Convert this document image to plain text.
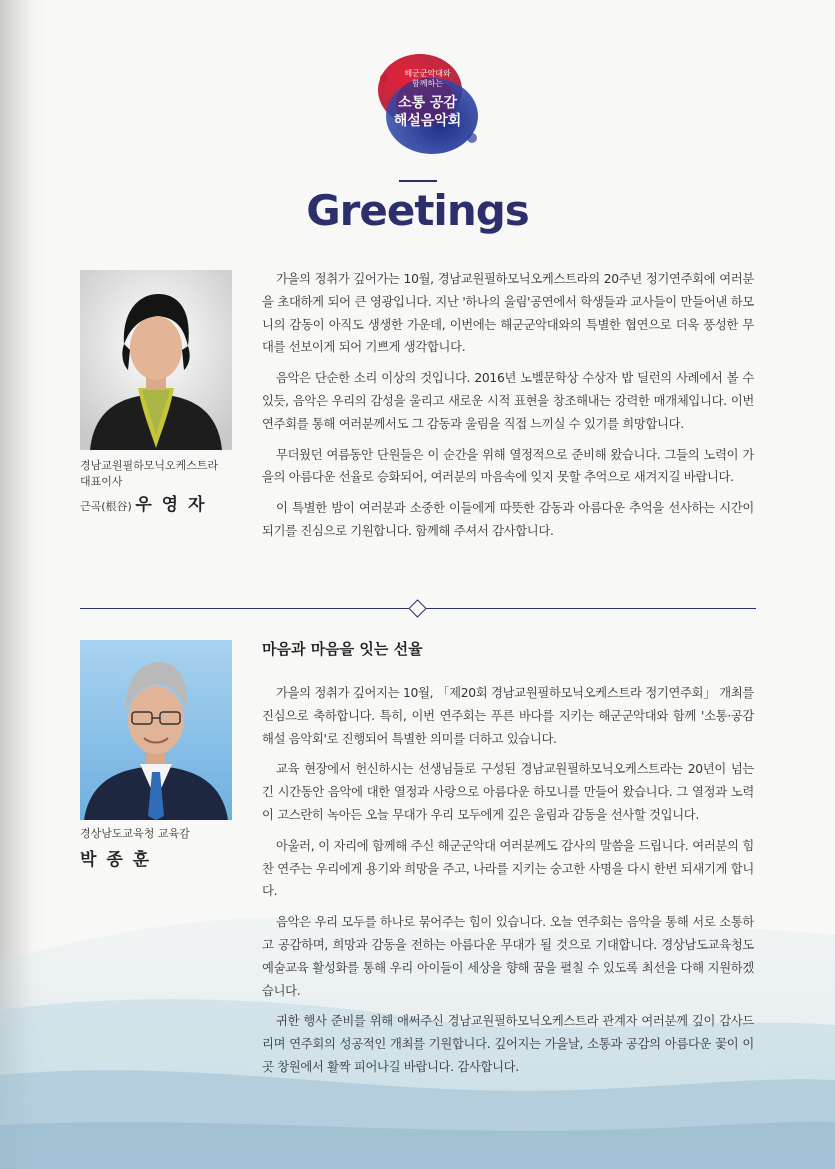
해군군악대와
함께하는
소통 공감
해설음악회
Greetings
경남교원필하모닉오케스트라
대표이사
근곡(根谷) 우 영 자

가을의 정취가 깊어가는 10월, 경남교원필하모닉오케스트라의 20주년 정기연주회에 여러분을 초대하게 되어 큰 영광입니다. 지난 '하나의 울림'공연에서 학생들과 교사들이 만들어낸 하모니의 감동이 아직도 생생한 가운데, 이번에는 해군군악대와의 특별한 협연으로 더욱 풍성한 무대를 선보이게 되어 기쁘게 생각합니다.

음악은 단순한 소리 이상의 것입니다. 2016년 노벨문학상 수상자 밥 딜런의 사례에서 볼 수 있듯, 음악은 우리의 감성을 울리고 새로운 시적 표현을 창조해내는 강력한 매개체입니다. 이번 연주회를 통해 여러분께서도 그 감동과 울림을 직접 느끼실 수 있기를 희망합니다.

무더웠던 여름동안 단원들은 이 순간을 위해 열정적으로 준비해 왔습니다. 그들의 노력이 가을의 아름다운 선율로 승화되어, 여러분의 마음속에 잊지 못할 추억으로 새겨지길 바랍니다.

이 특별한 밤이 여러분과 소중한 이들에게 따뜻한 감동과 아름다운 추억을 선사하는 시간이 되기를 진심으로 기원합니다. 함께해 주셔서 감사합니다.

마음과 마음을 잇는 선율
경상남도교육청 교육감
박 종 훈

가을의 정취가 깊어지는 10월, 「제20회 경남교원필하모닉오케스트라 정기연주회」 개최를 진심으로 축하합니다. 특히, 이번 연주회는 푸른 바다를 지키는 해군군악대와 함께 '소통·공감 해설 음악회'로 진행되어 특별한 의미를 더하고 있습니다.

교육 현장에서 헌신하시는 선생님들로 구성된 경남교원필하모닉오케스트라는 20년이 넘는 긴 시간동안 음악에 대한 열정과 사랑으로 아름다운 하모니를 만들어 왔습니다. 그 열정과 노력이 고스란히 녹아든 오늘 무대가 우리 모두에게 깊은 울림과 감동을 선사할 것입니다.

아울러, 이 자리에 함께해 주신 해군군악대 여러분께도 감사의 말씀을 드립니다. 여러분의 힘찬 연주는 우리에게 용기와 희망을 주고, 나라를 지키는 숭고한 사명을 다시 한번 되새기게 합니다.

음악은 우리 모두를 하나로 묶어주는 힘이 있습니다. 오늘 연주회는 음악을 통해 서로 소통하고 공감하며, 희망과 감동을 전하는 아름다운 무대가 될 것으로 기대합니다. 경상남도교육청도 예술교육 활성화를 통해 우리 아이들이 세상을 향해 꿈을 펼칠 수 있도록 최선을 다해 지원하겠습니다.

귀한 행사 준비를 위해 애써주신 경남교원필하모닉오케스트라 관계자 여러분께 깊이 감사드리며 연주회의 성공적인 개최를 기원합니다. 깊어지는 가을날, 소통과 공감의 아름다운 꽃이 이곳 창원에서 활짝 피어나길 바랍니다. 감사합니다.
